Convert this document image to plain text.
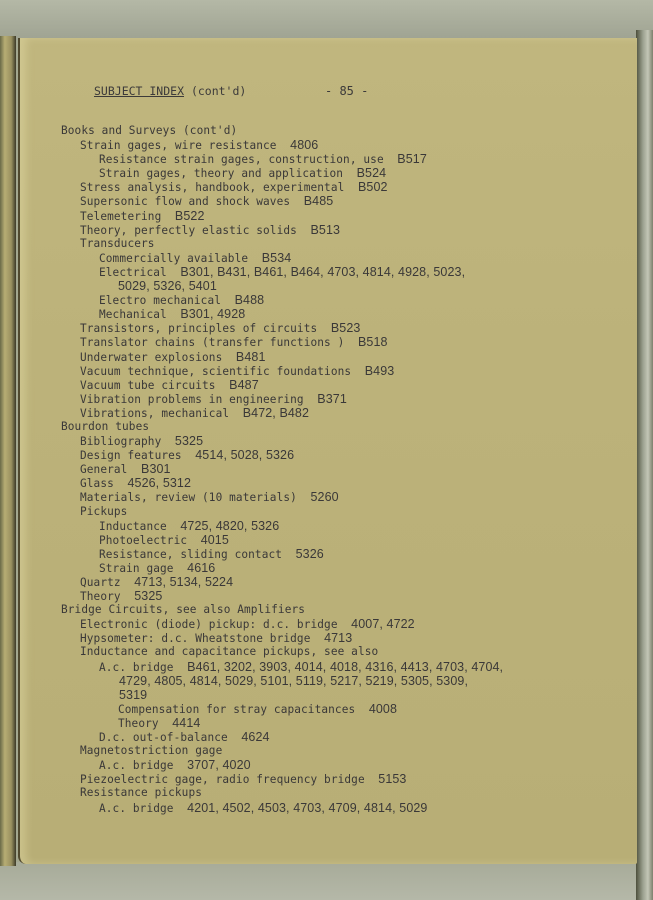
SUBJECT INDEX (cont'd)	- 85 -
Books and Surveys (cont'd)
Strain gages, wire resistance 4806
Resistance strain gages, construction, use B517
Strain gages, theory and application B524
Stress analysis, handbook, experimental B502
Supersonic flow and shock waves B485
Telemetering B522
Theory, perfectly elastic solids B513
Transducers
Commercially available B534
Electrical B301, B431, B461, B464, 4703, 4814, 4928, 5023,
5029, 5326, 5401
Electro mechanical B488
Mechanical B301, 4928
Transistors, principles of circuits B523
Translator chains (transfer functions ) B518
Underwater explosions B481
Vacuum technique, scientific foundations B493
Vacuum tube circuits B487
Vibration problems in engineering B371
Vibrations, mechanical B472, B482
Bourdon tubes
Bibliography 5325
Design features 4514, 5028, 5326
General B301
Glass 4526, 5312
Materials, review (10 materials) 5260
Pickups
Inductance 4725, 4820, 5326
Photoelectric 4015
Resistance, sliding contact 5326
Strain gage 4616
Quartz 4713, 5134, 5224
Theory 5325
Bridge Circuits, see also Amplifiers
Electronic (diode) pickup: d.c. bridge 4007, 4722
Hypsometer: d.c. Wheatstone bridge 4713
Inductance and capacitance pickups, see also
A.c. bridge B461, 3202, 3903, 4014, 4018, 4316, 4413, 4703, 4704,
4729, 4805, 4814, 5029, 5101, 5119, 5217, 5219, 5305, 5309,
5319
Compensation for stray capacitances 4008
Theory 4414
D.c. out-of-balance 4624
Magnetostriction gage
A.c. bridge 3707, 4020
Piezoelectric gage, radio frequency bridge 5153
Resistance pickups
A.c. bridge 4201, 4502, 4503, 4703, 4709, 4814, 5029
